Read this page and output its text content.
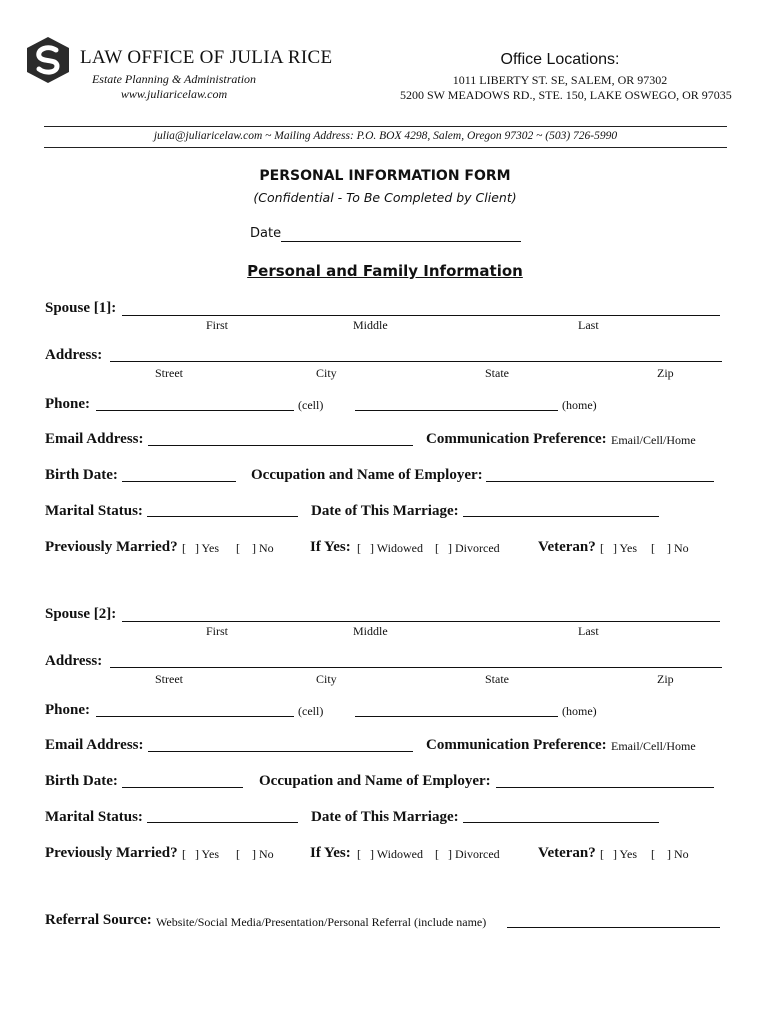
LAW OFFICE OF JULIA RICE
Estate Planning & Administration
www.juliaricelaw.com
Office Locations:
1011 LIBERTY ST. SE, SALEM, OR 97302
5200 SW MEADOWS RD., STE. 150, LAKE OSWEGO, OR 97035
julia@juliaricelaw.com ~ Mailing Address: P.O. BOX 4298, Salem, Oregon 97302 ~ (503) 726-5990
PERSONAL INFORMATION FORM
(Confidential - To Be Completed by Client)
Date
Personal and Family Information
Spouse [1]:
First	Middle	Last
Address:
Street	City	State	Zip
Phone:	(cell)	(home)
Email Address:	Communication Preference: Email/Cell/Home
Birth Date:	Occupation and Name of Employer:
Marital Status:	Date of This Marriage:
Previously Married? [ ] Yes [ ] No If Yes: [ ] Widowed [ ] Divorced	Veteran? [ ] Yes [ ] No
Spouse [2]:
First	Middle	Last
Address:
Street	City	State	Zip
Phone:	(cell)	(home)
Email Address:	Communication Preference: Email/Cell/Home
Birth Date:	Occupation and Name of Employer:
Marital Status:	Date of This Marriage:
Previously Married? [ ] Yes [ ] No If Yes: [ ] Widowed [ ] Divorced	Veteran? [ ] Yes [ ] No
Referral Source: Website/Social Media/Presentation/Personal Referral (include name)
